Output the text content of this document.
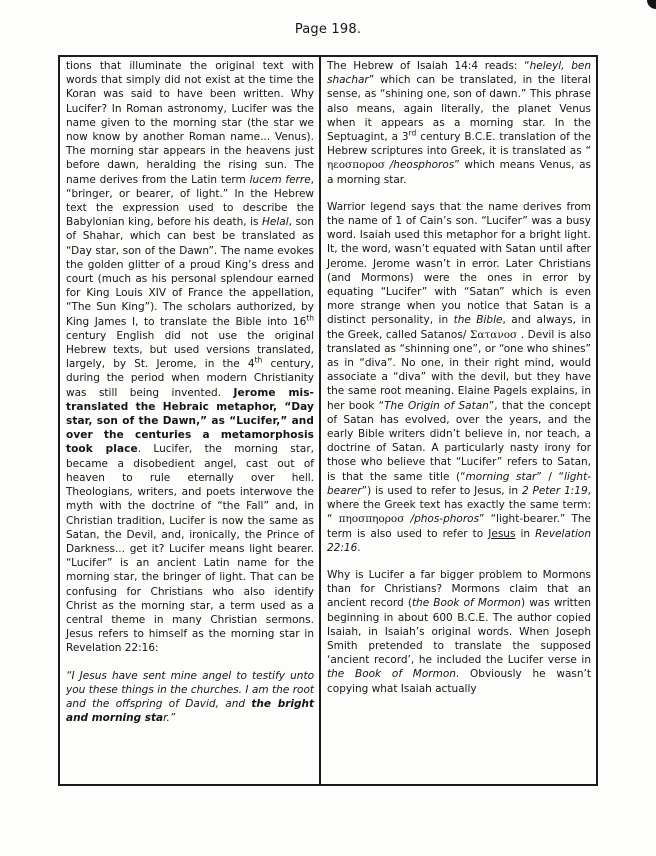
Page 198.

tions that illuminate the original text with words that simply did not exist at the time the Koran was said to have been written. Why Lucifer? In Roman astronomy, Lucifer was the name given to the morning star (the star we now know by another Roman name... Venus). The morning star appears in the heavens just before dawn, heralding the rising sun. The name derives from the Latin term lucem ferre, “bringer, or bearer, of light.” In the Hebrew text the expression used to describe the Babylonian king, before his death, is Helal, son of Shahar, which can best be translated as “Day star, son of the Dawn”. The name evokes the golden glitter of a proud King’s dress and court (much as his personal splendour earned for King Louis XIV of France the appellation, “The Sun King”). The scholars authorized, by King James I, to translate the Bible into 16th century English did not use the original Hebrew texts, but used versions translated, largely, by St. Jerome, in the 4th century, during the period when modern Christianity was still being invented. Jerome mis-translated the Hebraic metaphor, “Day star, son of the Dawn,” as “Lucifer,” and over the centuries a metamorphosis took place. Lucifer, the morning star, became a disobedient angel, cast out of heaven to rule eternally over hell. Theologians, writers, and poets interwove the myth with the doctrine of “the Fall” and, in Christian tradition, Lucifer is now the same as Satan, the Devil, and, ironically, the Prince of Darkness... get it? Lucifer means light bearer. “Lucifer” is an ancient Latin name for the morning star, the bringer of light. That can be confusing for Christians who also identify Christ as the morning star, a term used as a central theme in many Christian sermons. Jesus refers to himself as the morning star in Revelation 22:16:

“I Jesus have sent mine angel to testify unto you these things in the churches. I am the root and the offspring of David, and the bright and morning star.”

The Hebrew of Isaiah 14:4 reads: “heleyl, ben shachar” which can be translated, in the literal sense, as “shining one, son of dawn.” This phrase also means, again literally, the planet Venus when it appears as a morning star. In the Septuagint, a 3rd century B.C.E. translation of the Hebrew scriptures into Greek, it is translated as “ ηεοσποροσ /heosphoros” which means Venus, as a morning star.

Warrior legend says that the name derives from the name of 1 of Cain’s son. “Lucifer” was a busy word. Isaiah used this metaphor for a bright light. It, the word, wasn’t equated with Satan until after Jerome. Jerome wasn’t in error. Later Christians (and Mormons) were the ones in error by equating “Lucifer” with “Satan” which is even more strange when you notice that Satan is a distinct personality, in the Bible, and always, in the Greek, called Satanos/ Σατανοσ . Devil is also translated as “shinning one”, or “one who shines” as in “diva”. No one, in their right mind, would associate a “diva” with the devil, but they have the same root meaning. Elaine Pagels explains, in her book “The Origin of Satan”, that the concept of Satan has evolved, over the years, and the early Bible writers didn’t believe in, nor teach, a doctrine of Satan. A particularly nasty irony for those who believe that “Lucifer” refers to Satan, is that the same title (“morning star” / “light-bearer”) is used to refer to Jesus, in 2 Peter 1:19, where the Greek text has exactly the same term: “ πηοσπηοροσ /phos-phoros” “light-bearer.” The term is also used to refer to Jesus in Revelation 22:16.

Why is Lucifer a far bigger problem to Mormons than for Christians? Mormons claim that an ancient record (the Book of Mormon) was written beginning in about 600 B.C.E. The author copied Isaiah, in Isaiah’s original words. When Joseph Smith pretended to translate the supposed ‘ancient record’, he included the Lucifer verse in the Book of Mormon. Obviously he wasn’t copying what Isaiah actually
